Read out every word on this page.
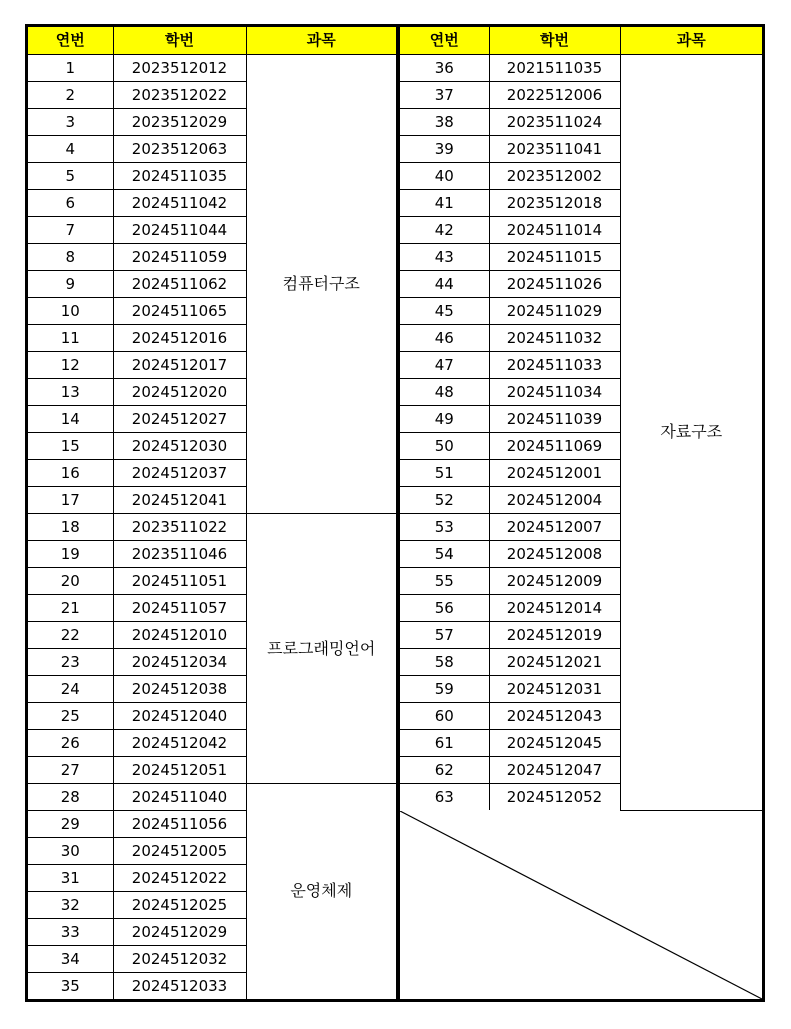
연번	학번	과목
1	2023512012	컴퓨터구조
2	2023512022	
3	2023512029	
4	2023512063	
5	2024511035	
6	2024511042	
7	2024511044	
8	2024511059	
9	2024511062	
10	2024511065	
11	2024512016	
12	2024512017	
13	2024512020	
14	2024512027	
15	2024512030	
16	2024512037	
17	2024512041	
18	2023511022	프로그래밍언어
19	2023511046	
20	2024511051	
21	2024511057	
22	2024512010	
23	2024512034	
24	2024512038	
25	2024512040	
26	2024512042	
27	2024512051	
28	2024511040	운영체제
29	2024511056	
30	2024512005	
31	2024512022	
32	2024512025	
33	2024512029	
34	2024512032	
35	2024512033	
연번	학번	과목
36	2021511035	자료구조
37	2022512006	
38	2023511024	
39	2023511041	
40	2023512002	
41	2023512018	
42	2024511014	
43	2024511015	
44	2024511026	
45	2024511029	
46	2024511032	
47	2024511033	
48	2024511034	
49	2024511039	
50	2024511069	
51	2024512001	
52	2024512004	
53	2024512007	
54	2024512008	
55	2024512009	
56	2024512014	
57	2024512019	
58	2024512021	
59	2024512031	
60	2024512043	
61	2024512045	
62	2024512047	
63	2024512052	
